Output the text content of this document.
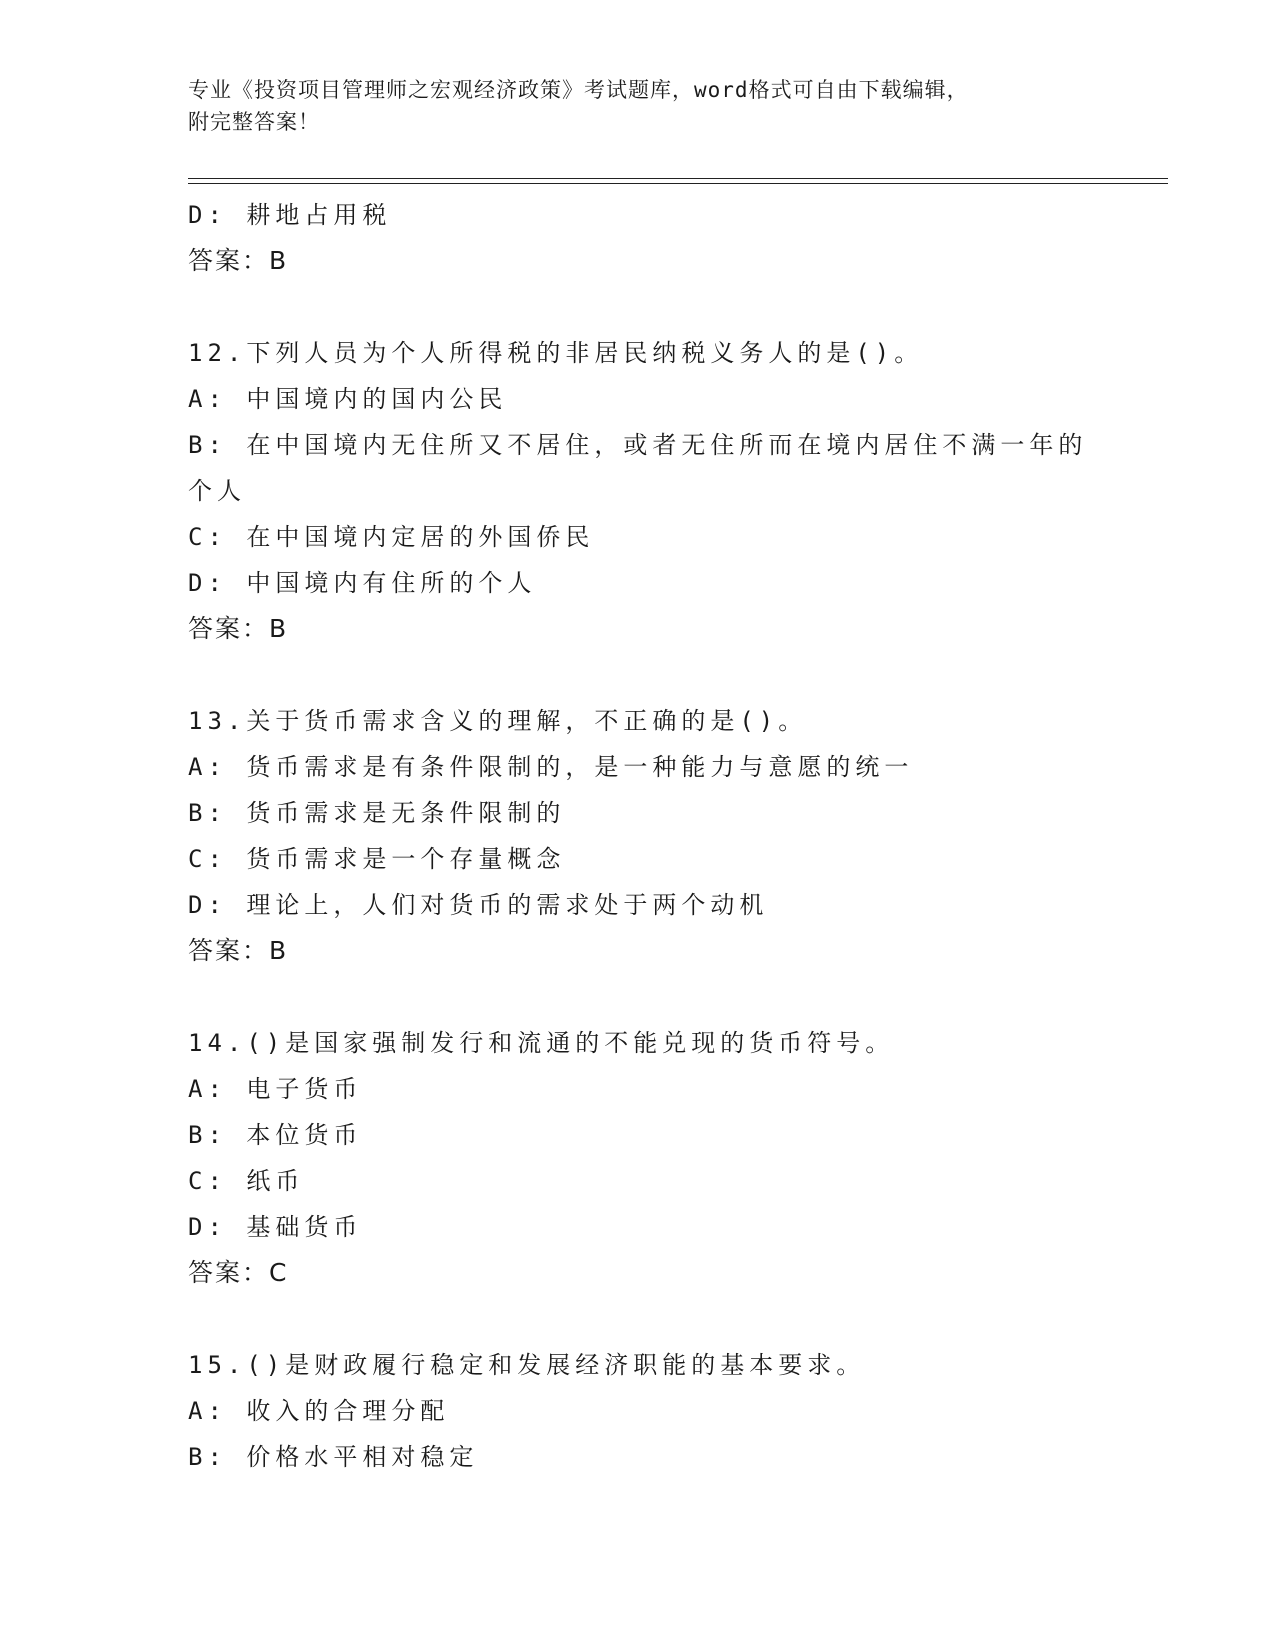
专业《投资项目管理师之宏观经济政策》考试题库，word格式可自由下载编辑，
附完整答案！
D: 耕地占用税
答案：B
12.下列人员为个人所得税的非居民纳税义务人的是()。
A: 中国境内的国内公民
B: 在中国境内无住所又不居住，或者无住所而在境内居住不满一年的个人
C: 在中国境内定居的外国侨民
D: 中国境内有住所的个人
答案：B
13.关于货币需求含义的理解，不正确的是()。
A: 货币需求是有条件限制的，是一种能力与意愿的统一
B: 货币需求是无条件限制的
C: 货币需求是一个存量概念
D: 理论上，人们对货币的需求处于两个动机
答案：B
14.()是国家强制发行和流通的不能兑现的货币符号。
A: 电子货币
B: 本位货币
C: 纸币
D: 基础货币
答案：C
15.()是财政履行稳定和发展经济职能的基本要求。
A: 收入的合理分配
B: 价格水平相对稳定
